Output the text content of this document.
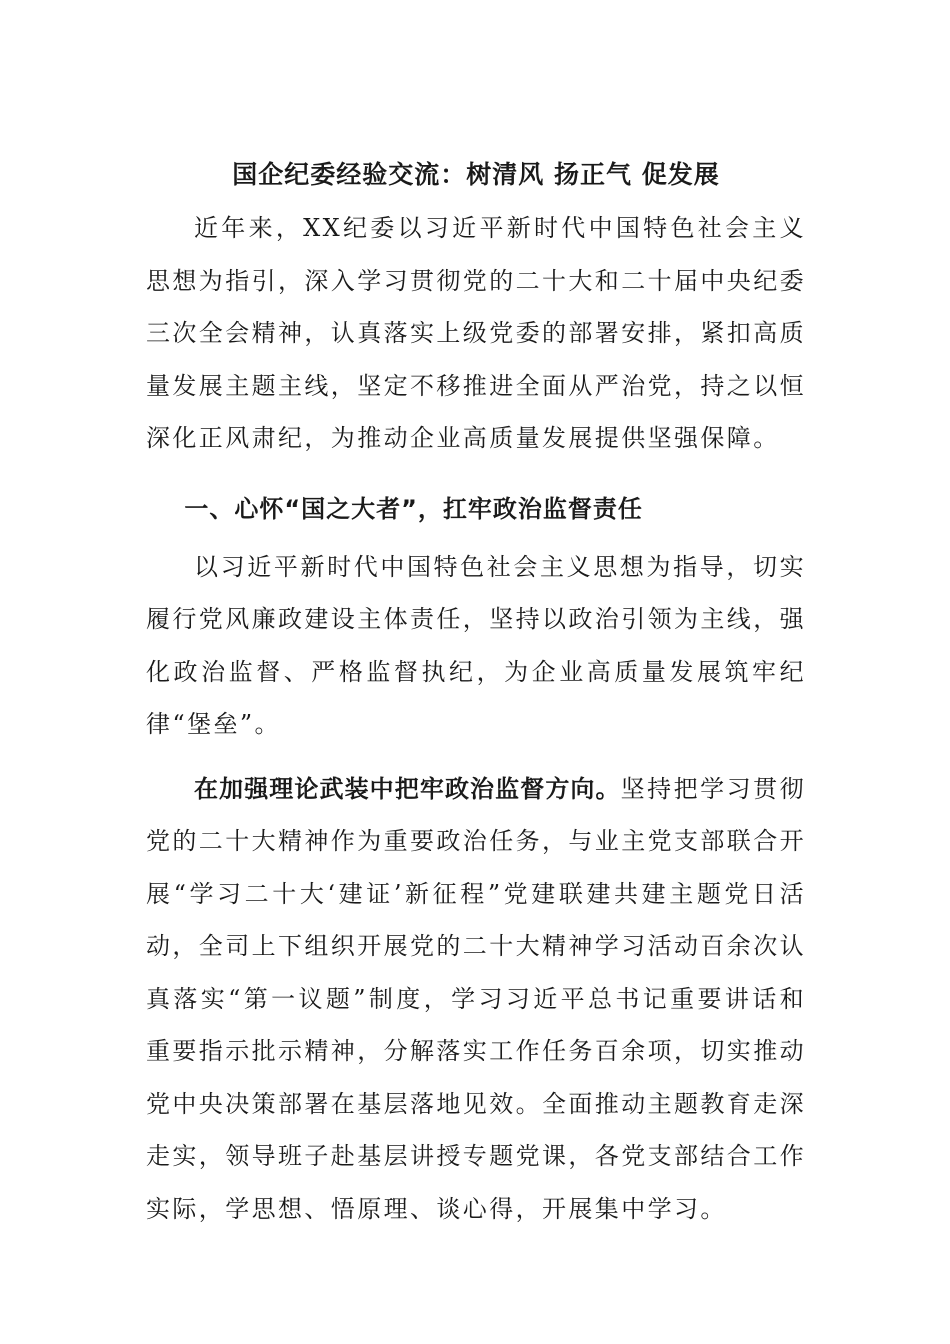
国企纪委经验交流：树清风 扬正气 促发展

近年来，XX纪委以习近平新时代中国特色社会主义思想为指引，深入学习贯彻党的二十大和二十届中央纪委三次全会精神，认真落实上级党委的部署安排，紧扣高质量发展主题主线，坚定不移推进全面从严治党，持之以恒深化正风肃纪，为推动企业高质量发展提供坚强保障。

一、心怀“国之大者”，扛牢政治监督责任

以习近平新时代中国特色社会主义思想为指导，切实履行党风廉政建设主体责任，坚持以政治引领为主线，强化政治监督、严格监督执纪，为企业高质量发展筑牢纪律“堡垒”。

在加强理论武装中把牢政治监督方向。坚持把学习贯彻党的二十大精神作为重要政治任务，与业主党支部联合开展“学习二十大‘建证’新征程”党建联建共建主题党日活动，全司上下组织开展党的二十大精神学习活动百余次认真落实“第一议题”制度，学习习近平总书记重要讲话和重要指示批示精神，分解落实工作任务百余项，切实推动党中央决策部署在基层落地见效。全面推动主题教育走深走实，领导班子赴基层讲授专题党课，各党支部结合工作实际，学思想、悟原理、谈心得，开展集中学习。
